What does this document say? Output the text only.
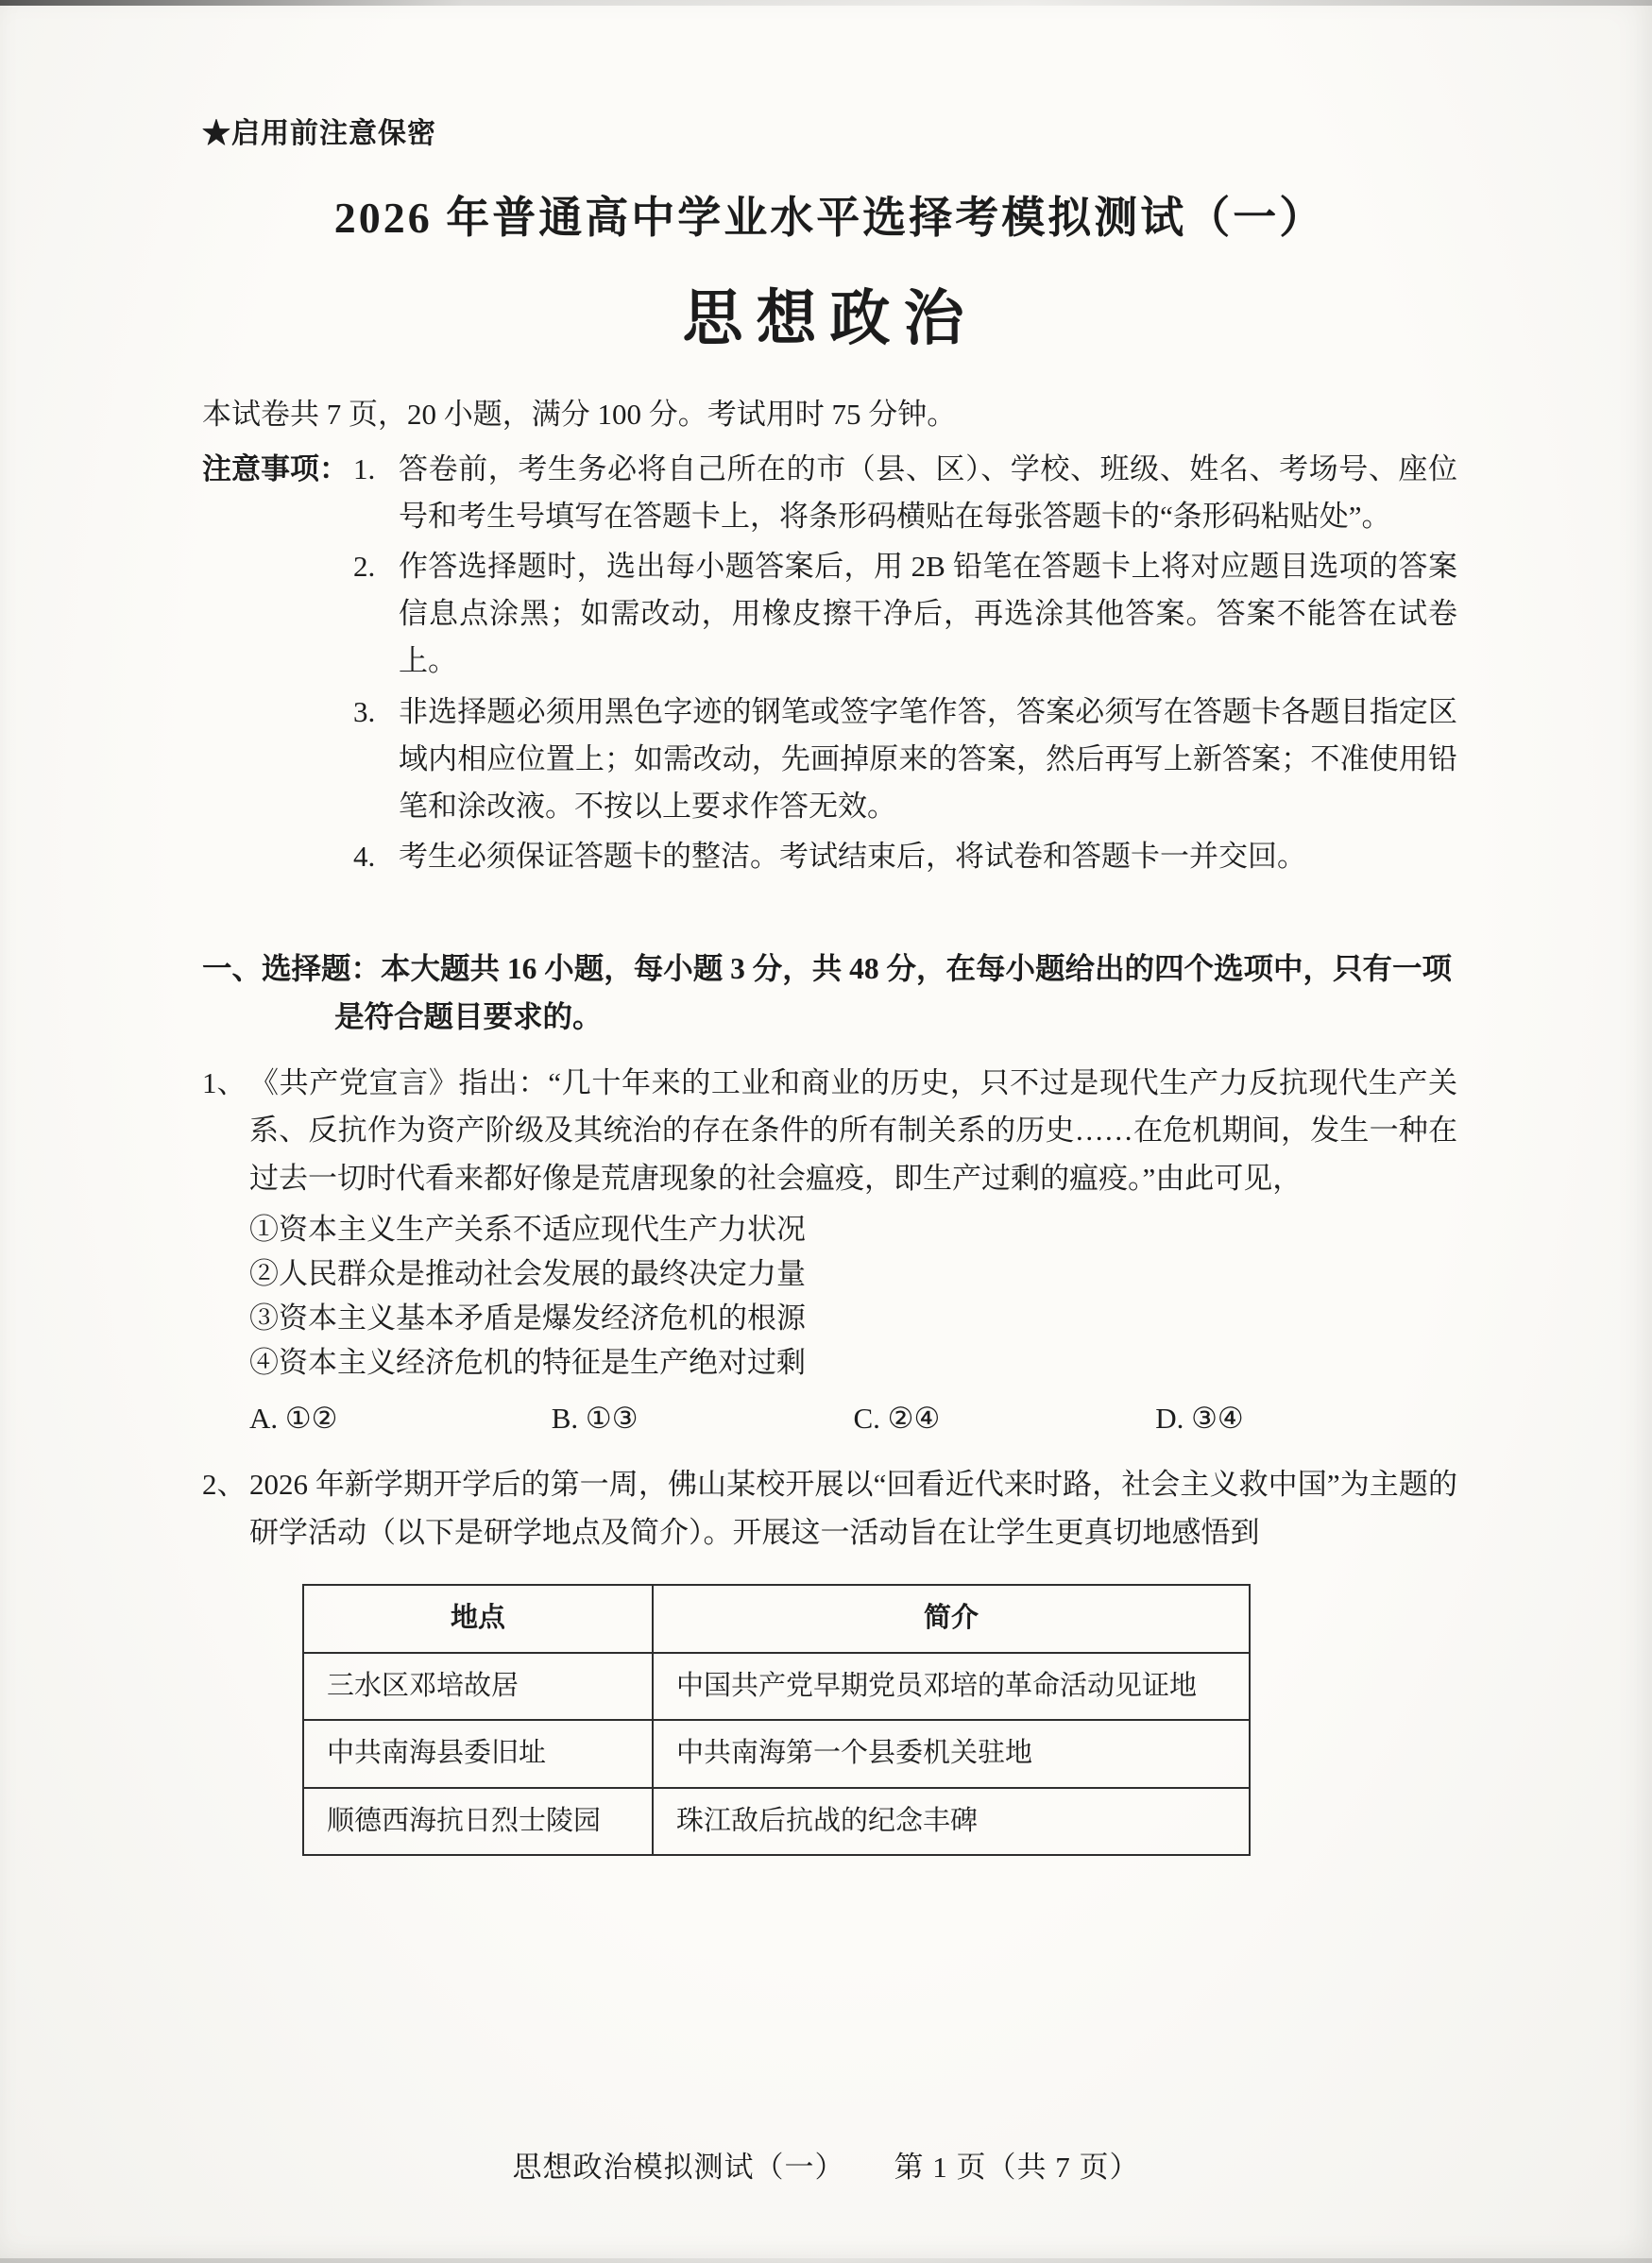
★启用前注意保密
2026 年普通高中学业水平选择考模拟测试（一）
思想政治
本试卷共 7 页，20 小题，满分 100 分。考试用时 75 分钟。
注意事项： 1. 答卷前，考生务必将自己所在的市（县、区）、学校、班级、姓名、考场号、座位号和考生号填写在答题卡上，将条形码横贴在每张答题卡的“条形码粘贴处”。
2. 作答选择题时，选出每小题答案后，用 2B 铅笔在答题卡上将对应题目选项的答案信息点涂黑；如需改动，用橡皮擦干净后，再选涂其他答案。答案不能答在试卷上。
3. 非选择题必须用黑色字迹的钢笔或签字笔作答，答案必须写在答题卡各题目指定区域内相应位置上；如需改动，先画掉原来的答案，然后再写上新答案；不准使用铅笔和涂改液。不按以上要求作答无效。
4. 考生必须保证答题卡的整洁。考试结束后，将试卷和答题卡一并交回。
一、选择题：本大题共 16 小题，每小题 3 分，共 48 分，在每小题给出的四个选项中，只有一项是符合题目要求的。
1、 《共产党宣言》指出：“几十年来的工业和商业的历史，只不过是现代生产力反抗现代生产关系、反抗作为资产阶级及其统治的存在条件的所有制关系的历史……在危机期间，发生一种在过去一切时代看来都好像是荒唐现象的社会瘟疫，即生产过剩的瘟疫。”由此可见，
①资本主义生产关系不适应现代生产力状况
②人民群众是推动社会发展的最终决定力量
③资本主义基本矛盾是爆发经济危机的根源
④资本主义经济危机的特征是生产绝对过剩
A. ①②	B. ①③	C. ②④	D. ③④
2、 2026 年新学期开学后的第一周，佛山某校开展以“回看近代来时路，社会主义救中国”为主题的研学活动（以下是研学地点及简介）。开展这一活动旨在让学生更真切地感悟到
地点	简介
三水区邓培故居	中国共产党早期党员邓培的革命活动见证地
中共南海县委旧址	中共南海第一个县委机关驻地
顺德西海抗日烈士陵园	珠江敌后抗战的纪念丰碑
思想政治模拟测试（一） 第 1 页（共 7 页）
